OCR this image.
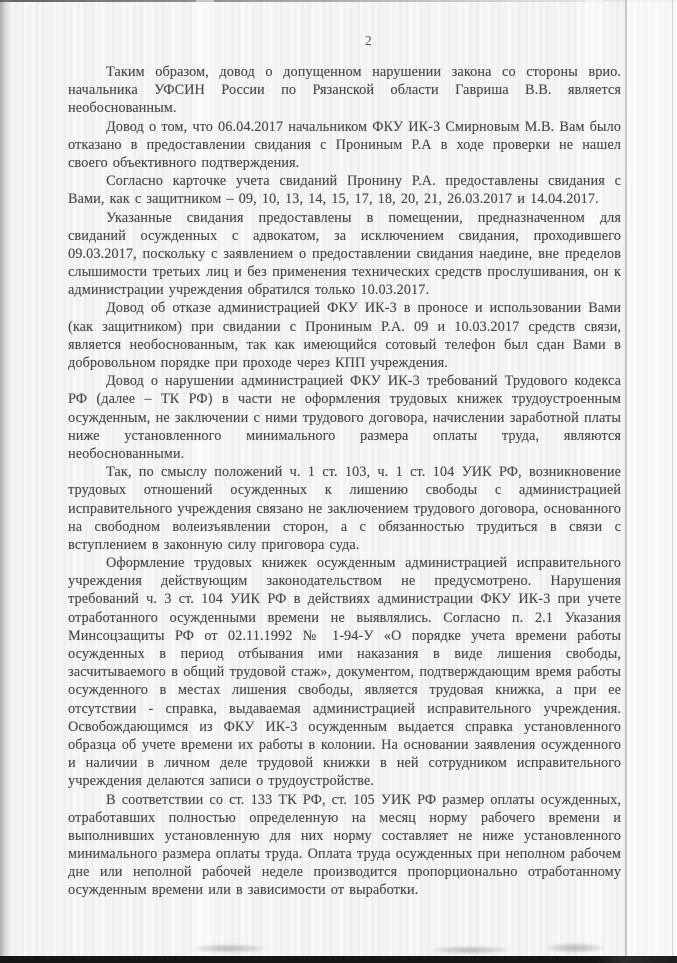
2

Таким образом, довод о допущенном нарушении закона со стороны врио. начальника УФСИН России по Рязанской области Гавриша В.В. является необоснованным.

Довод о том, что 06.04.2017 начальником ФКУ ИК-3 Смирновым М.В. Вам было отказано в предоставлении свидания с Прониным Р.А в ходе проверки не нашел своего объективного подтверждения.

Согласно карточке учета свиданий Пронину Р.А. предоставлены свидания с Вами, как с защитником – 09, 10, 13, 14, 15, 17, 18, 20, 21, 26.03.2017 и 14.04.2017.

Указанные свидания предоставлены в помещении, предназначенном для свиданий осужденных с адвокатом, за исключением свидания, проходившего 09.03.2017, поскольку с заявлением о предоставлении свидания наедине, вне пределов слышимости третьих лиц и без применения технических средств прослушивания, он к администрации учреждения обратился только 10.03.2017.

Довод об отказе администрацией ФКУ ИК-3 в проносе и использовании Вами (как защитником) при свидании с Прониным Р.А. 09 и 10.03.2017 средств связи, является необоснованным, так как имеющийся сотовый телефон был сдан Вами в добровольном порядке при проходе через КПП учреждения.

Довод о нарушении администрацией ФКУ ИК-3 требований Трудового кодекса РФ (далее – ТК РФ) в части не оформления трудовых книжек трудоустроенным осужденным, не заключении с ними трудового договора, начислении заработной платы ниже установленного минимального размера оплаты труда, являются необоснованными.

Так, по смыслу положений ч. 1 ст. 103, ч. 1 ст. 104 УИК РФ, возникновение трудовых отношений осужденных к лишению свободы с администрацией исправительного учреждения связано не заключением трудового договора, основанного на свободном волеизъявлении сторон, а с обязанностью трудиться в связи с вступлением в законную силу приговора суда.

Оформление трудовых книжек осужденным администрацией исправительного учреждения действующим законодательством не предусмотрено. Нарушения требований ч. 3 ст. 104 УИК РФ в действиях администрации ФКУ ИК-3 при учете отработанного осужденными времени не выявлялись. Согласно п. 2.1 Указания Минсоцзащиты РФ от 02.11.1992 № 1-94-У «О порядке учета времени работы осужденных в период отбывания ими наказания в виде лишения свободы, засчитываемого в общий трудовой стаж», документом, подтверждающим время работы осужденного в местах лишения свободы, является трудовая книжка, а при ее отсутствии - справка, выдаваемая администрацией исправительного учреждения. Освобождающимся из ФКУ ИК-3 осужденным выдается справка установленного образца об учете времени их работы в колонии. На основании заявления осужденного и наличии в личном деле трудовой книжки в ней сотрудником исправительного учреждения делаются записи о трудоустройстве.

В соответствии со ст. 133 ТК РФ, ст. 105 УИК РФ размер оплаты осужденных, отработавших полностью определенную на месяц норму рабочего времени и выполнивших установленную для них норму составляет не ниже установленного минимального размера оплаты труда. Оплата труда осужденных при неполном рабочем дне или неполной рабочей неделе производится пропорционально отработанному осужденным времени или в зависимости от выработки.
